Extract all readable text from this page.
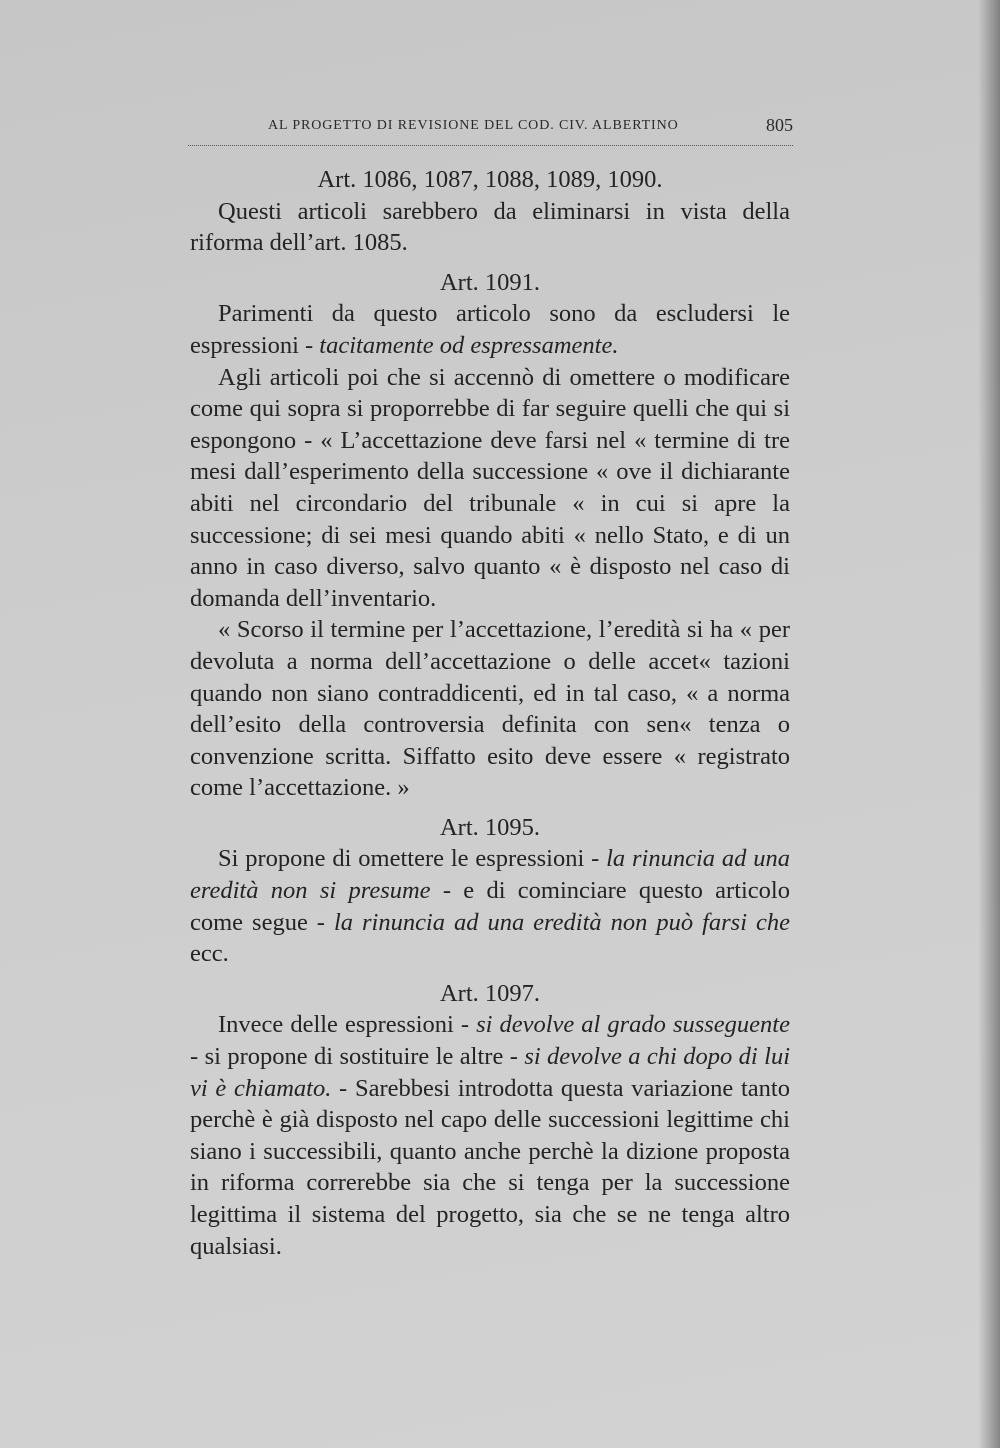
AL PROGETTO DI REVISIONE DEL COD. CIV. ALBERTINO	805
Art. 1086, 1087, 1088, 1089, 1090.

Questi articoli sarebbero da eliminarsi in vista della riforma dell’art. 1085.

Art. 1091.

Parimenti da questo articolo sono da escludersi le espressioni - tacitamente od espressamente.

Agli articoli poi che si accennò di omettere o modificare come qui sopra si proporrebbe di far seguire quelli che qui si espongono - « L’accettazione deve farsi nel « termine di tre mesi dall’esperimento della successione « ove il dichiarante abiti nel circondario del tribunale « in cui si apre la successione; di sei mesi quando abiti « nello Stato, e di un anno in caso diverso, salvo quanto « è disposto nel caso di domanda dell’inventario.

« Scorso il termine per l’accettazione, l’eredità si ha « per devoluta a norma dell’accettazione o delle accet« tazioni quando non siano contraddicenti, ed in tal caso, « a norma dell’esito della controversia definita con sen« tenza o convenzione scritta. Siffatto esito deve essere « registrato come l’accettazione. »

Art. 1095.

Si propone di omettere le espressioni - la rinuncia ad una eredità non si presume - e di cominciare questo articolo come segue - la rinuncia ad una eredità non può farsi che ecc.

Art. 1097.

Invece delle espressioni - si devolve al grado susseguente - si propone di sostituire le altre - si devolve a chi dopo di lui vi è chiamato. - Sarebbesi introdotta questa variazione tanto perchè è già disposto nel capo delle successioni legittime chi siano i successibili, quanto anche perchè la dizione proposta in riforma correrebbe sia che si tenga per la successione legittima il sistema del progetto, sia che se ne tenga altro qualsiasi.
